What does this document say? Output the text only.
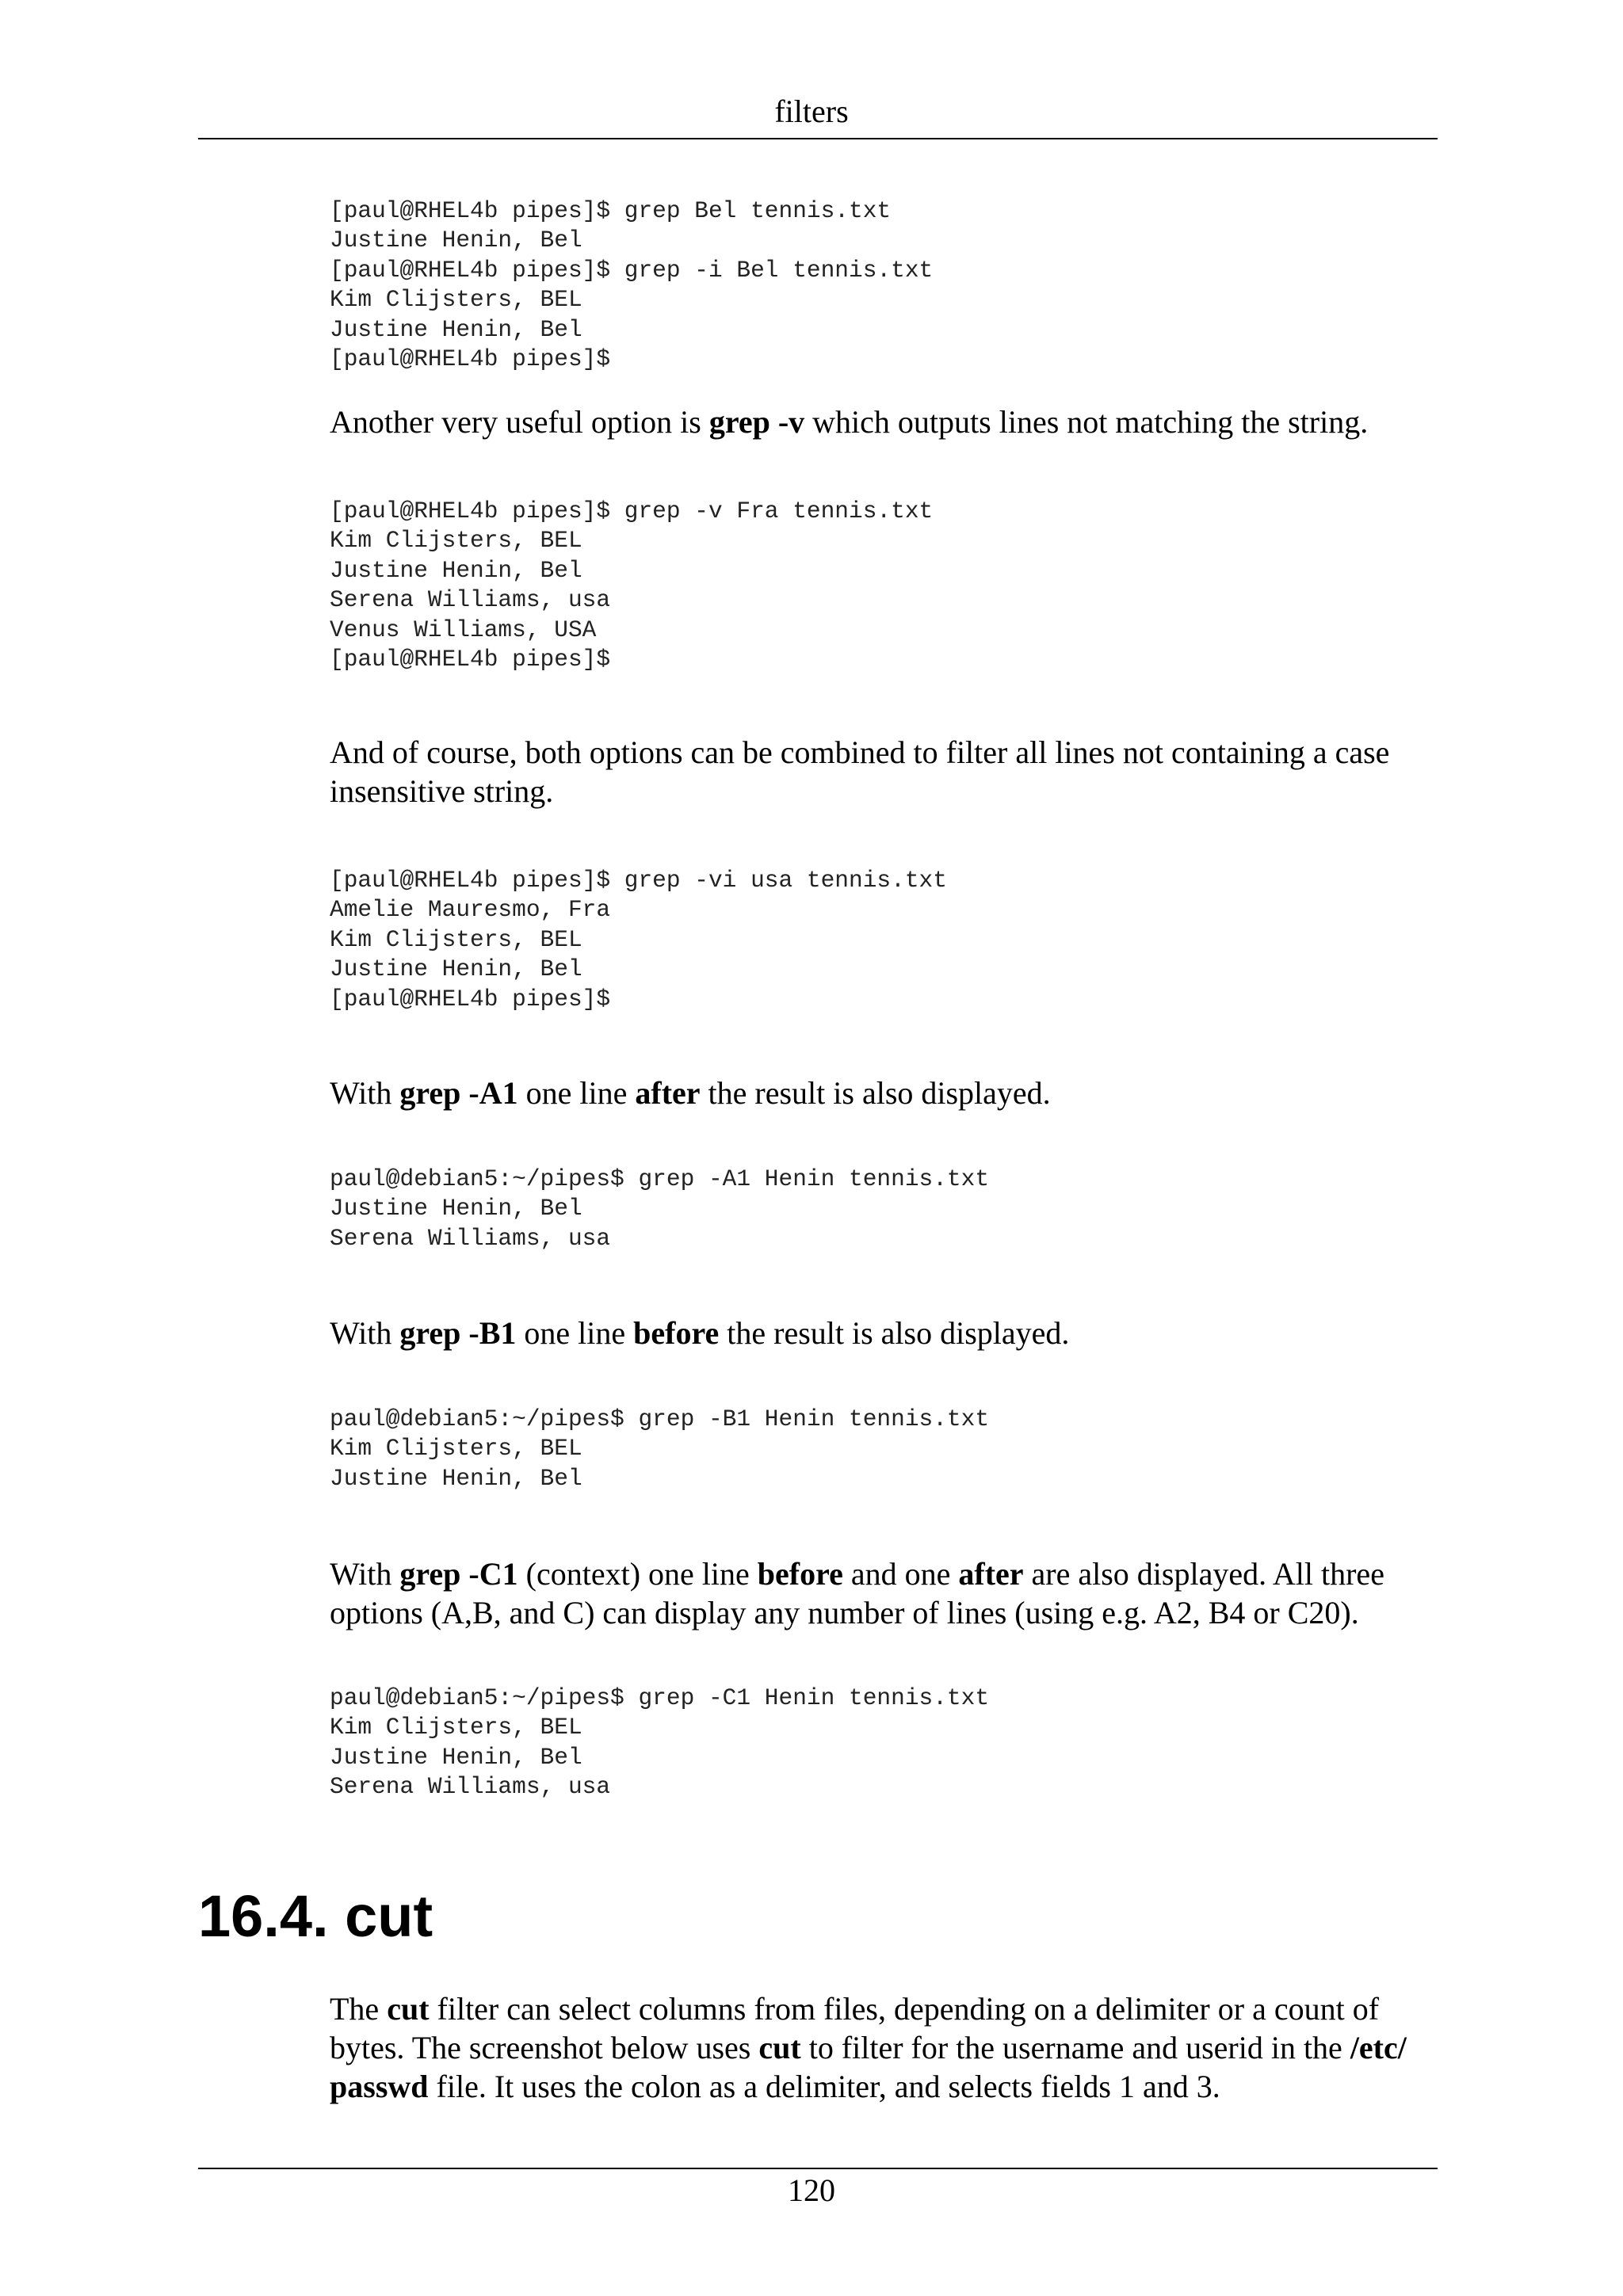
filters
[paul@RHEL4b pipes]$ grep Bel tennis.txt
Justine Henin, Bel
[paul@RHEL4b pipes]$ grep -i Bel tennis.txt
Kim Clijsters, BEL
Justine Henin, Bel
[paul@RHEL4b pipes]$

Another very useful option is grep -v which outputs lines not matching the string.

[paul@RHEL4b pipes]$ grep -v Fra tennis.txt
Kim Clijsters, BEL
Justine Henin, Bel
Serena Williams, usa
Venus Williams, USA
[paul@RHEL4b pipes]$

And of course, both options can be combined to filter all lines not containing a case insensitive string.

[paul@RHEL4b pipes]$ grep -vi usa tennis.txt
Amelie Mauresmo, Fra
Kim Clijsters, BEL
Justine Henin, Bel
[paul@RHEL4b pipes]$

With grep -A1 one line after the result is also displayed.

paul@debian5:~/pipes$ grep -A1 Henin tennis.txt
Justine Henin, Bel
Serena Williams, usa

With grep -B1 one line before the result is also displayed.

paul@debian5:~/pipes$ grep -B1 Henin tennis.txt
Kim Clijsters, BEL
Justine Henin, Bel

With grep -C1 (context) one line before and one after are also displayed. All three options (A,B, and C) can display any number of lines (using e.g. A2, B4 or C20).

paul@debian5:~/pipes$ grep -C1 Henin tennis.txt
Kim Clijsters, BEL
Justine Henin, Bel
Serena Williams, usa
16.4. cut

The cut filter can select columns from files, depending on a delimiter or a count of bytes. The screenshot below uses cut to filter for the username and userid in the /etc/ passwd file. It uses the colon as a delimiter, and selects fields 1 and 3.

120
